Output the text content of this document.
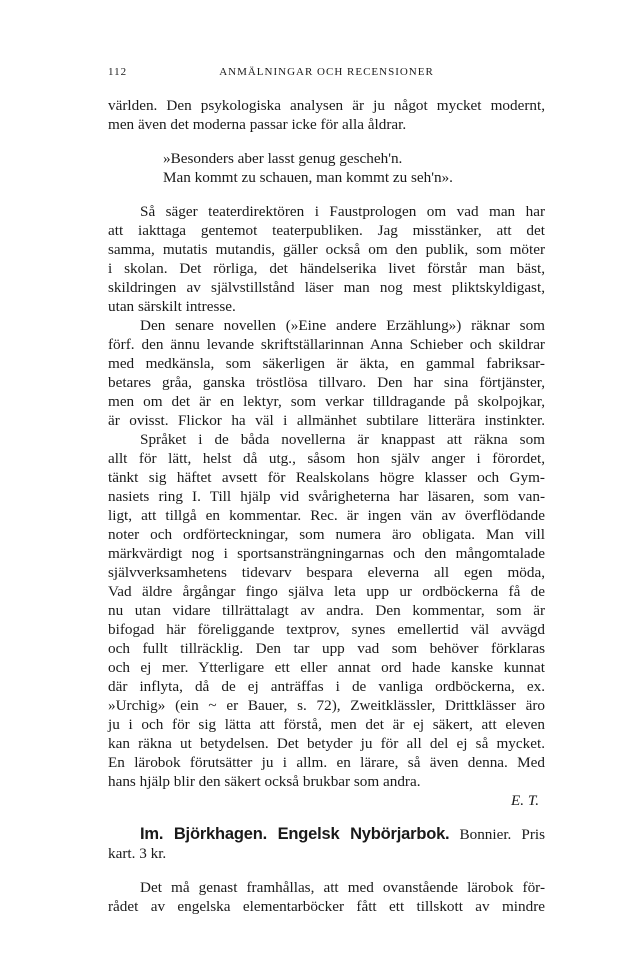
112	ANMÄLNINGAR OCH RECENSIONER
världen. Den psykologiska analysen är ju något mycket modernt,
men även det moderna passar icke för alla åldrar.
»Besonders aber lasst genug gescheh'n.
Man kommt zu schauen, man kommt zu seh'n».
Så säger teaterdirektören i Faustprologen om vad man har
att iakttaga gentemot teaterpubliken. Jag misstänker, att det
samma, mutatis mutandis, gäller också om den publik, som möter
i skolan. Det rörliga, det händelserika livet förstår man bäst,
skildringen av självstillstånd läser man nog mest pliktskyldigast,
utan särskilt intresse.
Den senare novellen (»Eine andere Erzählung») räknar som
förf. den ännu levande skriftställarinnan Anna Schieber och skildrar
med medkänsla, som säkerligen är äkta, en gammal fabriksar-
betares gråa, ganska tröstlösa tillvaro. Den har sina förtjänster,
men om det är en lektyr, som verkar tilldragande på skolpojkar,
är ovisst. Flickor ha väl i allmänhet subtilare litterära instinkter.
Språket i de båda novellerna är knappast att räkna som
allt för lätt, helst då utg., såsom hon själv anger i förordet,
tänkt sig häftet avsett för Realskolans högre klasser och Gym-
nasiets ring I. Till hjälp vid svårigheterna har läsaren, som van-
ligt, att tillgå en kommentar. Rec. är ingen vän av överflödande
noter och ordförteckningar, som numera äro obligata. Man vill
märkvärdigt nog i sportsansträngningarnas och den mångomtalade
självverksamhetens tidevarv bespara eleverna all egen möda,
Vad äldre årgångar fingo själva leta upp ur ordböckerna få de
nu utan vidare tillrättalagt av andra. Den kommentar, som är
bifogad här föreliggande textprov, synes emellertid väl avvägd
och fullt tillräcklig. Den tar upp vad som behöver förklaras
och ej mer. Ytterligare ett eller annat ord hade kanske kunnat
där inflyta, då de ej anträffas i de vanliga ordböckerna, ex.
»Urchig» (ein ~ er Bauer, s. 72), Zweitklässler, Drittklässer äro
ju i och för sig lätta att förstå, men det är ej säkert, att eleven
kan räkna ut betydelsen. Det betyder ju för all del ej så mycket.
En lärobok förutsätter ju i allm. en lärare, så även denna. Med
hans hjälp blir den säkert också brukbar som andra.
E. T.
Im. Björkhagen. Engelsk Nybörjarbok. Bonnier. Pris
kart. 3 kr.
Det må genast framhållas, att med ovanstående lärobok för-
rådet av engelska elementarböcker fått ett tillskott av mindre
